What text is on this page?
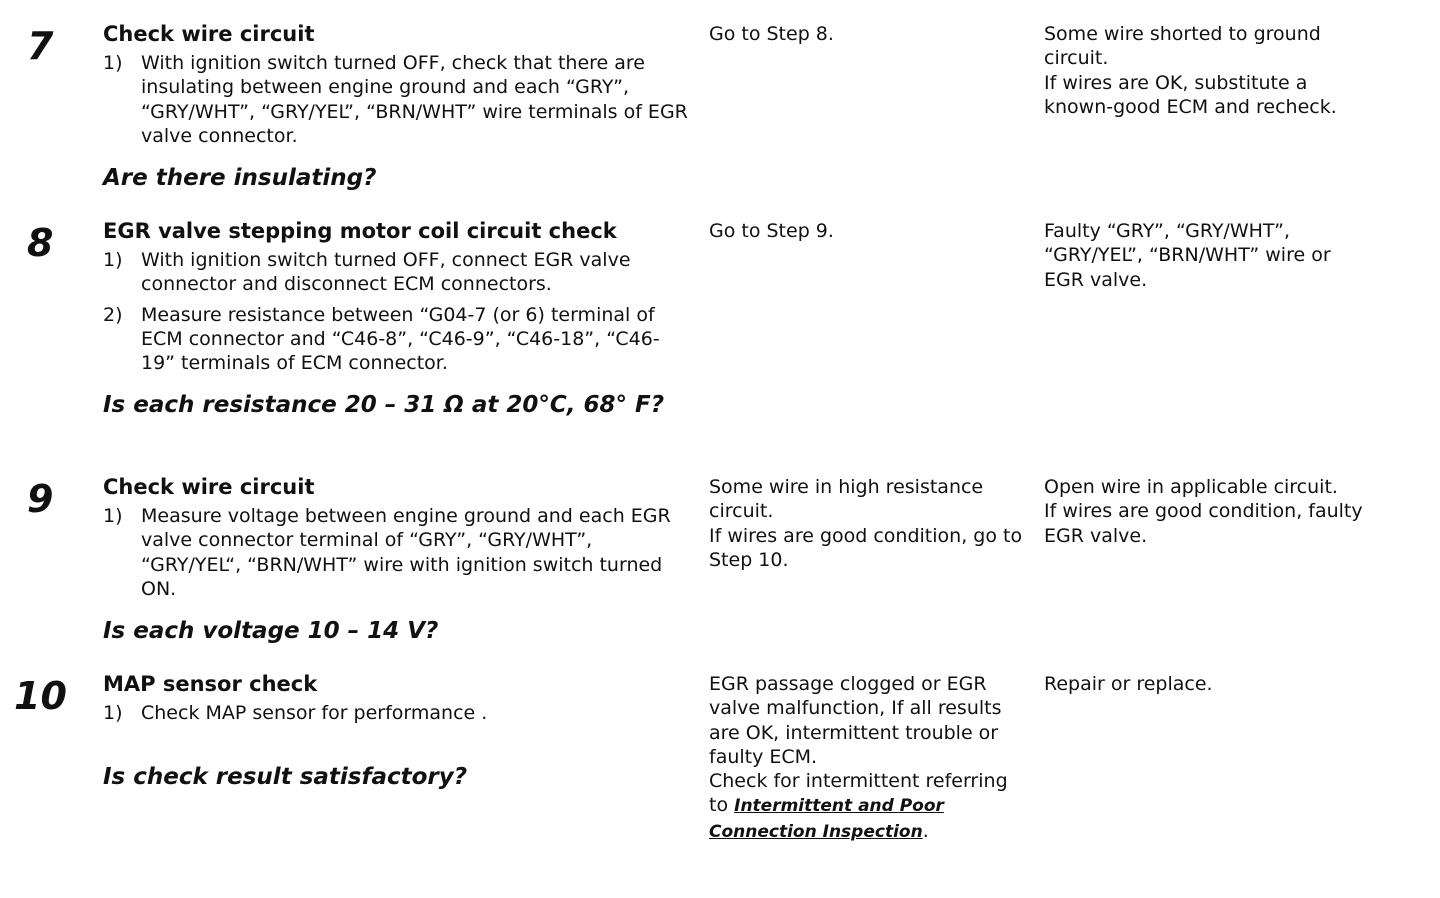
7 Check wire circuit

1) With ignition switch turned OFF, check that there are insulating between engine ground and each “GRY”, “GRY/WHT”, “GRY/YEL”, “BRN/WHT” wire terminals of EGR valve connector.

Are there insulating?

Go to Step 8.	Some wire shorted to ground circuit.

If wires are OK, substitute a known-good ECM and recheck.

8 EGR valve stepping motor coil circuit check

1) With ignition switch turned OFF, connect EGR valve connector and disconnect ECM connectors.
2) Measure resistance between “G04-7 (or 6) terminal of ECM connector and “C46-8”, “C46-9”, “C46-18”, “C46-19” terminals of ECM connector.

Is each resistance 20 – 31 Ω at 20°C, 68° F?

Go to Step 9.	Faulty “GRY”, “GRY/WHT”, “GRY/YEL”, “BRN/WHT” wire or EGR valve.

9 Check wire circuit

1) Measure voltage between engine ground and each EGR valve connector terminal of “GRY”, “GRY/WHT”, “GRY/YEL“, “BRN/WHT” wire with ignition switch turned ON.

Is each voltage 10 – 14 V?

Some wire in high resistance circuit.

If wires are good condition, go to Step 10.

Open wire in applicable circuit.

If wires are good condition, faulty EGR valve.

10 MAP sensor check

1) Check MAP sensor for performance .

Is check result satisfactory?

EGR passage clogged or EGR valve malfunction, If all results are OK, intermittent trouble or faulty ECM.

Check for intermittent referring to Intermittent and Poor Connection Inspection.

Repair or replace.
